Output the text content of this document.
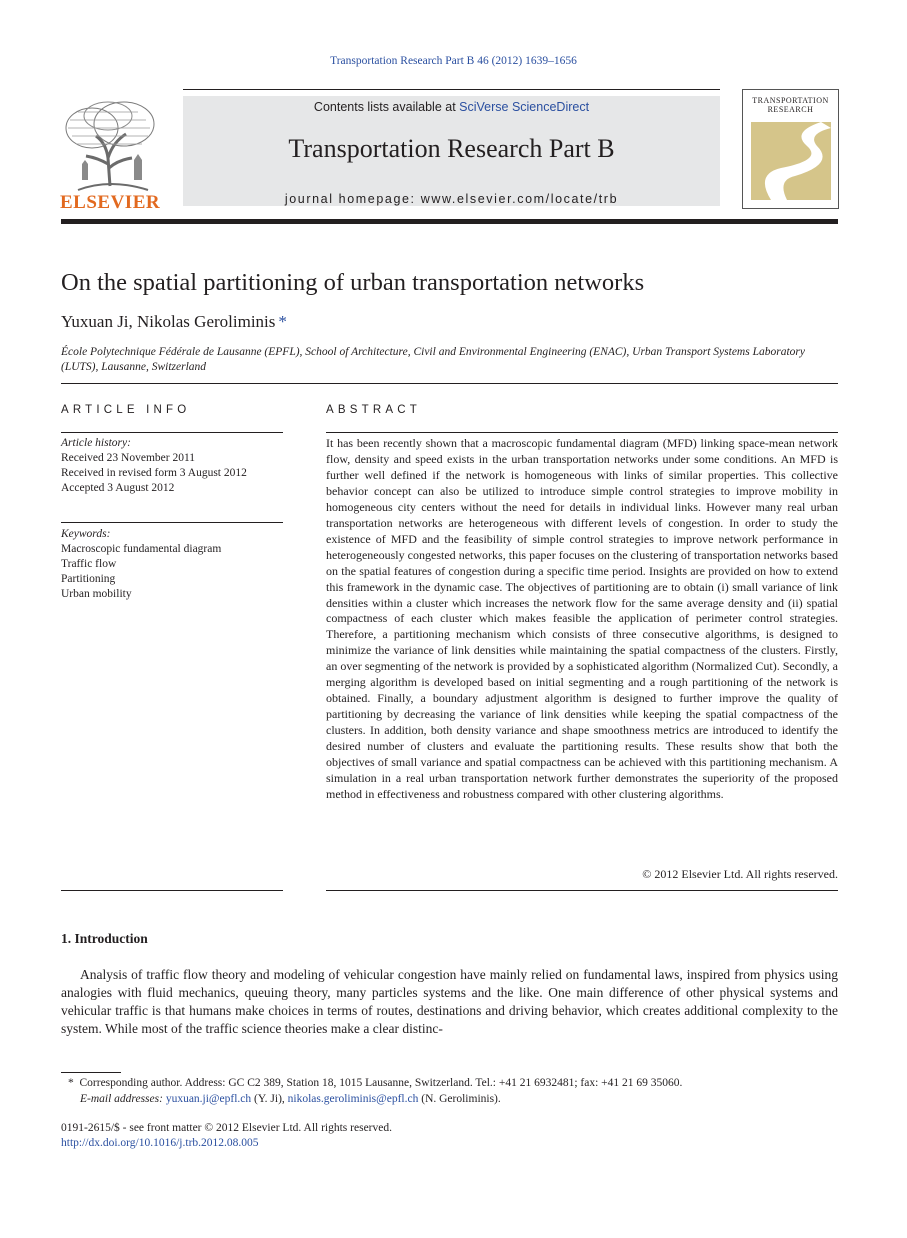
Transportation Research Part B 46 (2012) 1639–1656
ELSEVIER
Contents lists available at SciVerse ScienceDirect
Transportation Research Part B
journal homepage: www.elsevier.com/locate/trb
TRANSPORTATION RESEARCH
On the spatial partitioning of urban transportation networks
Yuxuan Ji, Nikolas Geroliminis *
École Polytechnique Fédérale de Lausanne (EPFL), School of Architecture, Civil and Environmental Engineering (ENAC), Urban Transport Systems Laboratory (LUTS), Lausanne, Switzerland
ARTICLE INFO	ABSTRACT
Article history:
Received 23 November 2011
Received in revised form 3 August 2012
Accepted 3 August 2012
Keywords:
Macroscopic fundamental diagram
Traffic flow
Partitioning
Urban mobility
It has been recently shown that a macroscopic fundamental diagram (MFD) linking space-mean network flow, density and speed exists in the urban transportation networks under some conditions. An MFD is further well defined if the network is homogeneous with links of similar properties. This collective behavior concept can also be utilized to introduce simple control strategies to improve mobility in homogeneous city centers without the need for details in individual links. However many real urban transportation networks are heterogeneous with different levels of congestion. In order to study the existence of MFD and the feasibility of simple control strategies to improve network performance in heterogeneously congested networks, this paper focuses on the clustering of transportation networks based on the spatial features of congestion during a specific time period. Insights are provided on how to extend this framework in the dynamic case. The objectives of partitioning are to obtain (i) small variance of link densities within a cluster which increases the network flow for the same average density and (ii) spatial compactness of each cluster which makes feasible the application of perimeter control strategies. Therefore, a partitioning mechanism which consists of three consecutive algorithms, is designed to minimize the variance of link densities while maintaining the spatial compactness of the clusters. Firstly, an over segmenting of the network is provided by a sophisticated algorithm (Normalized Cut). Secondly, a merging algorithm is developed based on initial segmenting and a rough partitioning of the network is obtained. Finally, a boundary adjustment algorithm is designed to further improve the quality of partitioning by decreasing the variance of link densities while keeping the spatial compactness of the clusters. In addition, both density variance and shape smoothness metrics are introduced to identify the desired number of clusters and evaluate the partitioning results. These results show that both the objectives of small variance and spatial compactness can be achieved with this partitioning mechanism. A simulation in a real urban transportation network further demonstrates the superiority of the proposed method in effectiveness and robustness compared with other clustering algorithms.
© 2012 Elsevier Ltd. All rights reserved.
1. Introduction
Analysis of traffic flow theory and modeling of vehicular congestion have mainly relied on fundamental laws, inspired from physics using analogies with fluid mechanics, queuing theory, many particles systems and the like. One main difference of other physical systems and vehicular traffic is that humans make choices in terms of routes, destinations and driving behavior, which creates additional complexity to the system. While most of the traffic science theories make a clear distinc-
* Corresponding author. Address: GC C2 389, Station 18, 1015 Lausanne, Switzerland. Tel.: +41 21 6932481; fax: +41 21 69 35060.
E-mail addresses: yuxuan.ji@epfl.ch (Y. Ji), nikolas.geroliminis@epfl.ch (N. Geroliminis).
0191-2615/$ - see front matter © 2012 Elsevier Ltd. All rights reserved.
http://dx.doi.org/10.1016/j.trb.2012.08.005
